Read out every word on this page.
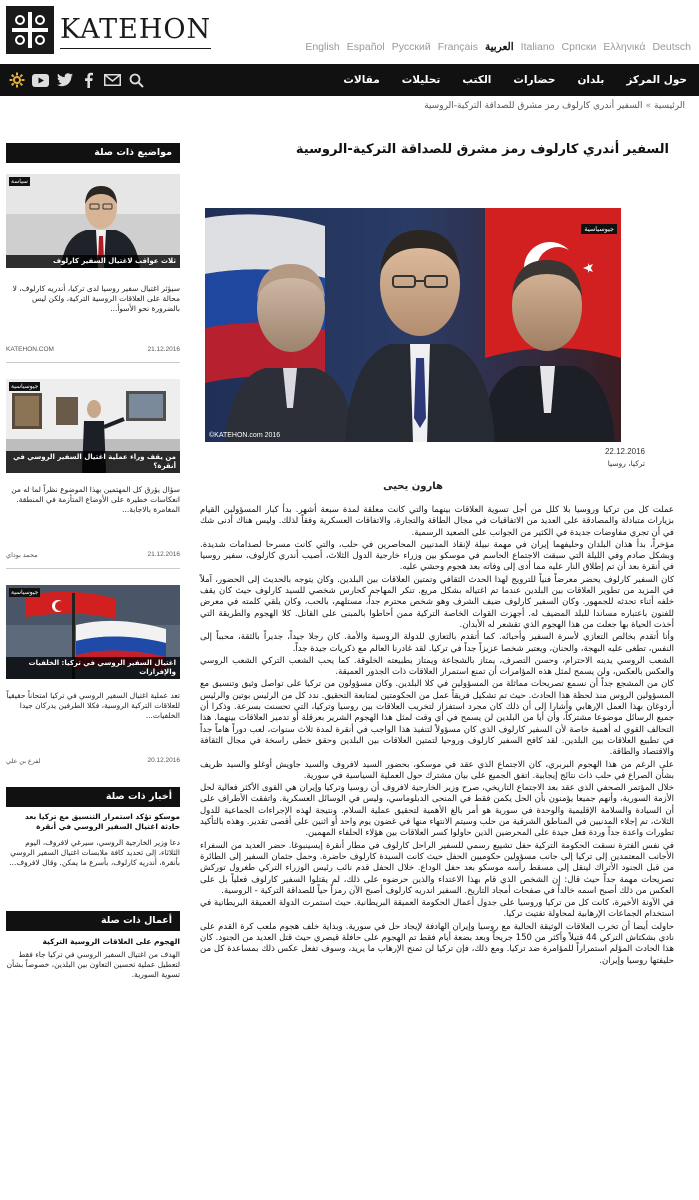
KATEHON
English Español Русский Français العربية Italiano Српски Ελληνικά Deutsch
مقالات تحليلات الكتب حضارات بلدان حول المركز
الرئيسية
»
السفير أندري كارلوف رمز مشرق للصداقة التركية-الروسية
السفير أندري كارلوف رمز مشرق للصداقة التركية-الروسية
جيوسياسية
©KATEHON.com 2016
22.12.2016
تركيا، روسيا
هارون يحيى

عملت كل من تركيا وروسيا بلا كلل من أجل تسوية العلاقات بينهما والتي كانت معلقة لمدة سبعة أشهر. بدأ كبار المسؤولين القيام بزيارات متبادلة والمصادقة على العديد من الاتفاقيات في مجال الطاقة والتجارة، والاتفاقات العسكرية وفقاً لذلك. وليس هناك أدنى شك في أن تجري مفاوضات جديدة في الكثير من الجوانب على الصعيد الرسمية.

مؤخراً، بدأ هذان البلدان وحليفهما إيران في مهمة نبيلة لإنقاذ المدنيين المحاصرين في حلب، والتي كانت مسرحا لصدامات شديدة. وبشكل صادم وفي الليلة التي سبقت الاجتماع الحاسم في موسكو بين وزراء خارجية الدول الثلاث، أصيب أندري كارلوف، سفير روسيا في أنقرة بعد أن تم إطلاق النار عليه مما أدى إلى وفاته بعد هجوم وحشي عليه.

كان السفير كارلوف يحضر معرضاً فنياً للترويج لهذا الحدث الثقافي وتمتين العلاقات بين البلدين. وكان يتوجه بالحديث إلى الحضور، آملاً في المزيد من تطوير العلاقات بين البلدين عندما تم اغتياله بشكل مريع. تنكر المهاجم كحارس شخصي للسيد كارلوف حيث كان يقف خلفه أثناء تحدثه للجمهور. وكان السفير كارلوف ضيف الشرف وهو شخص محترم جداً، مستلهم، بالحب، وكان يلقي كلمته في معرض للفنون باعتباره مساندا للبلد المضيف له. أجهزت القوات الخاصة التركية ممن أحاطوا بالمبنى على القاتل. كلا الهجوم والطريقة التي أخذت الحياة بها جعلت من هذا الهجوم الذي تقشعر له الأبدان.

وأنا أتقدم بخالص التعازي لأسرة السفير وأحبائه. كما أتقدم بالتعازي للدولة الروسية والأمة. كان رجلا جيداً، جديراً بالثقة، محبباً إلى النفس، تطغى عليه البهجة، والحنان، ويعتبر شخصا عزيزاً جداً في تركيا. لقد غادرنا العالم مع ذكريات جيدة جداً.

الشعب الروسي يدينه الاحترام، وحسن التصرف، يمتاز بالشجاعة ويمتاز بطبيعته الخلوقة. كما يحب الشعب التركي الشعب الروسي والعكس بالعكس، ولن يسمح لمثل هذه المؤامرات أن تمنع استمرار العلاقات ذات الجذور العميقة.

كان من المشجع جداً أن نسمع تصريحات مماثلة من المسؤولين في كلا البلدين. وكان مسؤولون من تركيا على تواصل وثيق وتنسيق مع المسؤولين الروس منذ لحظة هذا الحادث. حيث تم تشكيل فريقاً عمل من الحكومتين لمتابعة التحقيق. ندد كل من الرئيس بوتين والرئيس أردوغان بهذا العمل الإرهابي وأشارا إلى أن ذلك كان مجرد استفزاز لتخريب العلاقات بين روسيا وتركيا، التي تحسنت بسرعة. وذكرا أن جميع الرسائل موضوعا مشتركاً، وأن أيا من البلدين لن يسمح في أي وقت لمثل هذا الهجوم الشرير بعرقلة أو تدمير العلاقات بينهما. هذا التحالف القوي له أهمية خاصة لأن السفير كارلوف الذي كان مسؤولاً لتنفيذ هذا الواجب في أنقرة لمدة ثلاث سنوات، لعب دوراً هاماً جداً في تطبيع العلاقات بين البلدين. لقد كافح السفير كارلوف وروحيا لتمتين العلاقات بين البلدين وحقق خطى راسخة في مجال الثقافة والاقتصاد والطاقة.

على الرغم من هذا الهجوم البربري، كان الاجتماع الذي عقد في موسكو، بحضور السيد لافروف والسيد جاويش أوغلو والسيد ظريف بشأن الصراع في حلب ذات نتائج إيجابية. اتفق الجميع على بيان مشترك حول العملية السياسية في سورية.

خلال المؤتمر الصحفي الذي عقد بعد الاجتماع التاريخي، صرح وزير الخارجية لافروف أن روسيا وتركيا وإيران هي القوى الأكثر فعالية لحل الأزمة السورية، وأنهم جميعا يؤمنون بأن الحل يكمن فقط في المنحى الدبلوماسي، وليس في الوسائل العسكرية. واتفقت الأطراف على أن السيادة والسلامة الإقليمية والوحدة في سورية هو أمر بالغ الأهمية لتحقيق عملية السلام. ونتيجة لهذه الإجراءات الجماعية للدول الثلاث، تم إجلاء المدنيين في المناطق الشرقية من حلب وسيتم الانتهاء منها في غضون يوم واحد أو اثنين على أقصى تقدير. وهذه بالتأكيد تطورات واعدة جداً وردة فعل جيدة على المحرضين الذين حاولوا كسر العلاقات بين هؤلاء الحلفاء المهمين.

في نفس الفترة نسقت الحكومة التركية حفل تشييع رسمي للسفير الراحل كارلوف في مطار أنقرة إيسينبوغا. حضر العديد من السفراء الأجانب المعتمدين إلى تركيا إلى جانب مسؤولين حكوميين الحفل حيث كانت السيدة كارلوف حاضرة. وحمل جثمان السفير إلى الطائرة من قبل الجنود الأتراك لينقل إلى مسقط رأسه موسكو بعد حفل الوداع. خلال الحفل قدم نائب رئيس الوزراء التركي طغرول توركش تصريحات مهمة جداً حيث قال: إن الشخص الذي قام بهذا الاعتداء والذين حرضوه على ذلك، لم يقتلوا السفير كارلوف فعلياً بل على العكس من ذلك أصبح اسمه خالداً في صفحات أمجاد التاريخ. السفير اندريه كارلوف أصبح الآن رمزاً حياً للصداقة التركية - الروسية.

في الآونة الأخيرة، كانت كل من تركيا وروسيا على جدول أعمال الحكومة العميقة البريطانية. حيث استمرت الدولة العميقة البريطانية في استخدام الجماعات الإرهابية لمحاولة تفتيت تركيا.

حاولت أيضا أن تخرب العلاقات الوثيقة الحالية مع روسيا وإيران الهادفة لإيجاد حل في سورية. وبداية خلف هجوم ملعب كرة القدم على نادي بشكتاش التركي 44 قتيلاً وأكثر من 150 جريحاً وبعد بضعة أيام فقط تم الهجوم على حافلة قيصري حيث قتل العديد من الجنود. كان هذا الحادث المؤلم استمراراً للمؤامرة ضد تركيا. ومع ذلك، فإن تركيا لن تمنح الإرهاب ما يريد، وسوف تفعل عكس ذلك بمساعدة كل من حليفتها روسيا وإيران.

مواضيع ذات صلة
سياسة
ثلاث عواقب لاغتيال السفير كارلوف
سيؤثر اغتيال سفير روسيا لدى تركيا، أندريه كارلوف، لا محالة على العلاقات الروسية التركية، ولكن ليس بالضرورة نحو الأسوأ...
KATEHON.COM	21.12.2016
جيوسياسية
من يقف وراء عملية اغتيال السفير الروسي في أنقرة؟
سؤال يؤرق كل المهتمين بهذا الموضوع نظراً لما له من انعكاسات خطيرة على الأوضاع المتأزمة في المنطقة. المغامرة بالاجابة...
محمد بوداي	21.12.2016
جيوسياسية
اغتيال السفير الروسي في تركيا: الخلفيات والإفرازات
تعد عملية اغتيال السفير الروسي في تركيا امتحاناً حقيقياً للعلاقات التركية الروسية، فكلا الطرفين يدركان جيدا الخلفيات...
لفرع بن علي	20.12.2016
أخبار ذات صلة
موسكو تؤكد استمرار التنسيق مع تركيا بعد حادثة اغتيال السفير الروسي في أنقرة
دعا وزير الخارجية الروسي، سيرغي لافروف، اليوم الثلاثاء، إلى تحديد كافة ملابسات اغتيال السفير الروسي بأنقرة، أندريه كارلوف، بأسرع ما يمكن. وقال لافروف...
أعمال ذات صلة
الهجوم على العلاقات الروسية التركية
الهدف من اغتيال السفير الروسي في تركيا جاء فقط لتعطيل عملية تحسين التعاون بين البلدين، خصوصاً بشأن تسوية السورية.
